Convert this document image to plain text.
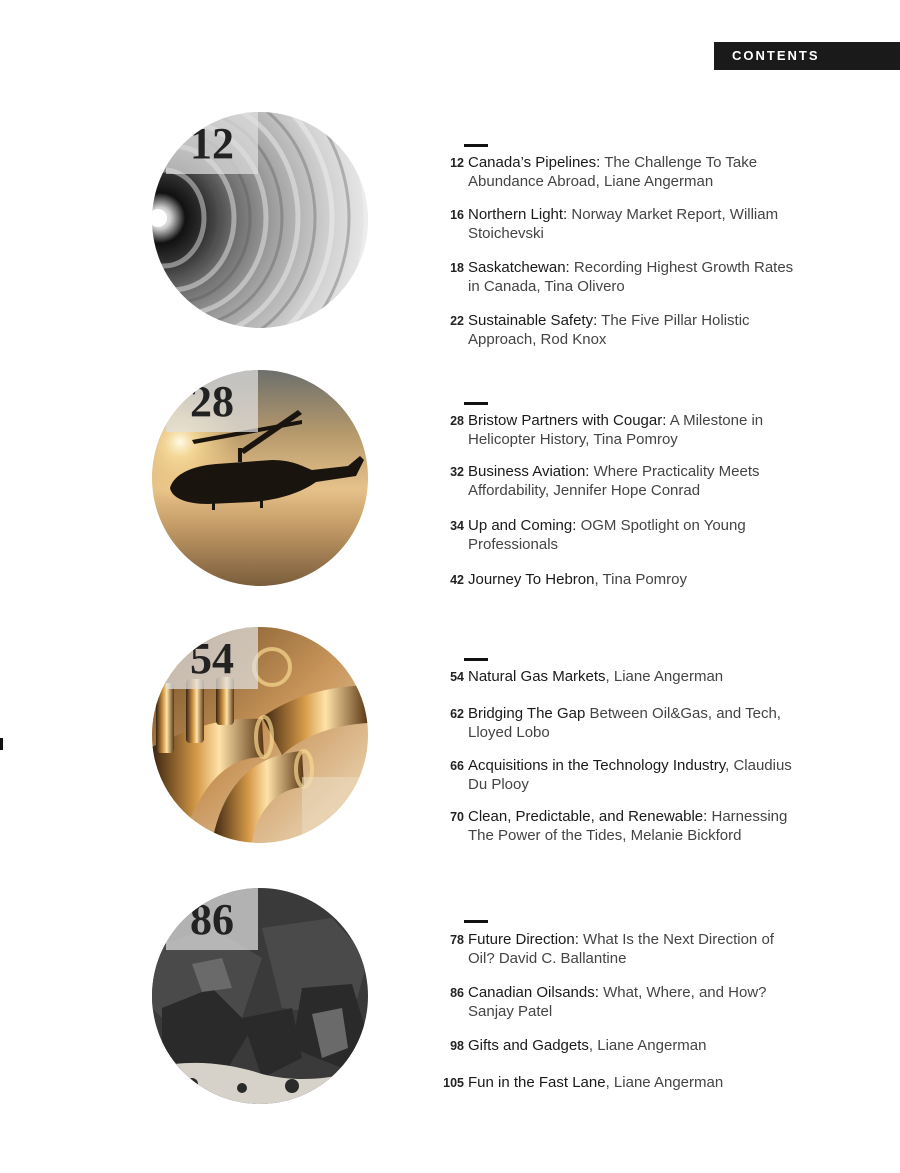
CONTENTS
12	12 Canada’s Pipelines: The Challenge To Take Abundance Abroad, Liane Angerman
16 Northern Light: Norway Market Report, William Stoichevski
18 Saskatchewan: Recording Highest Growth Rates in Canada, Tina Olivero
22 Sustainable Safety: The Five Pillar Holistic Approach, Rod Knox
28	28 Bristow Partners with Cougar: A Milestone in Helicopter History, Tina Pomroy
32 Business Aviation: Where Practicality Meets Affordability, Jennifer Hope Conrad
34 Up and Coming: OGM Spotlight on Young Professionals
42 Journey To Hebron, Tina Pomroy
54	54 Natural Gas Markets, Liane Angerman
62 Bridging The Gap Between Oil&Gas, and Tech, Lloyed Lobo
66 Acquisitions in the Technology Industry, Claudius Du Plooy
70 Clean, Predictable, and Renewable: Harnessing The Power of the Tides, Melanie Bickford
86	78 Future Direction: What Is the Next Direction of Oil? David C. Ballantine
86 Canadian Oilsands: What, Where, and How? Sanjay Patel
98 Gifts and Gadgets, Liane Angerman
105 Fun in the Fast Lane, Liane Angerman
